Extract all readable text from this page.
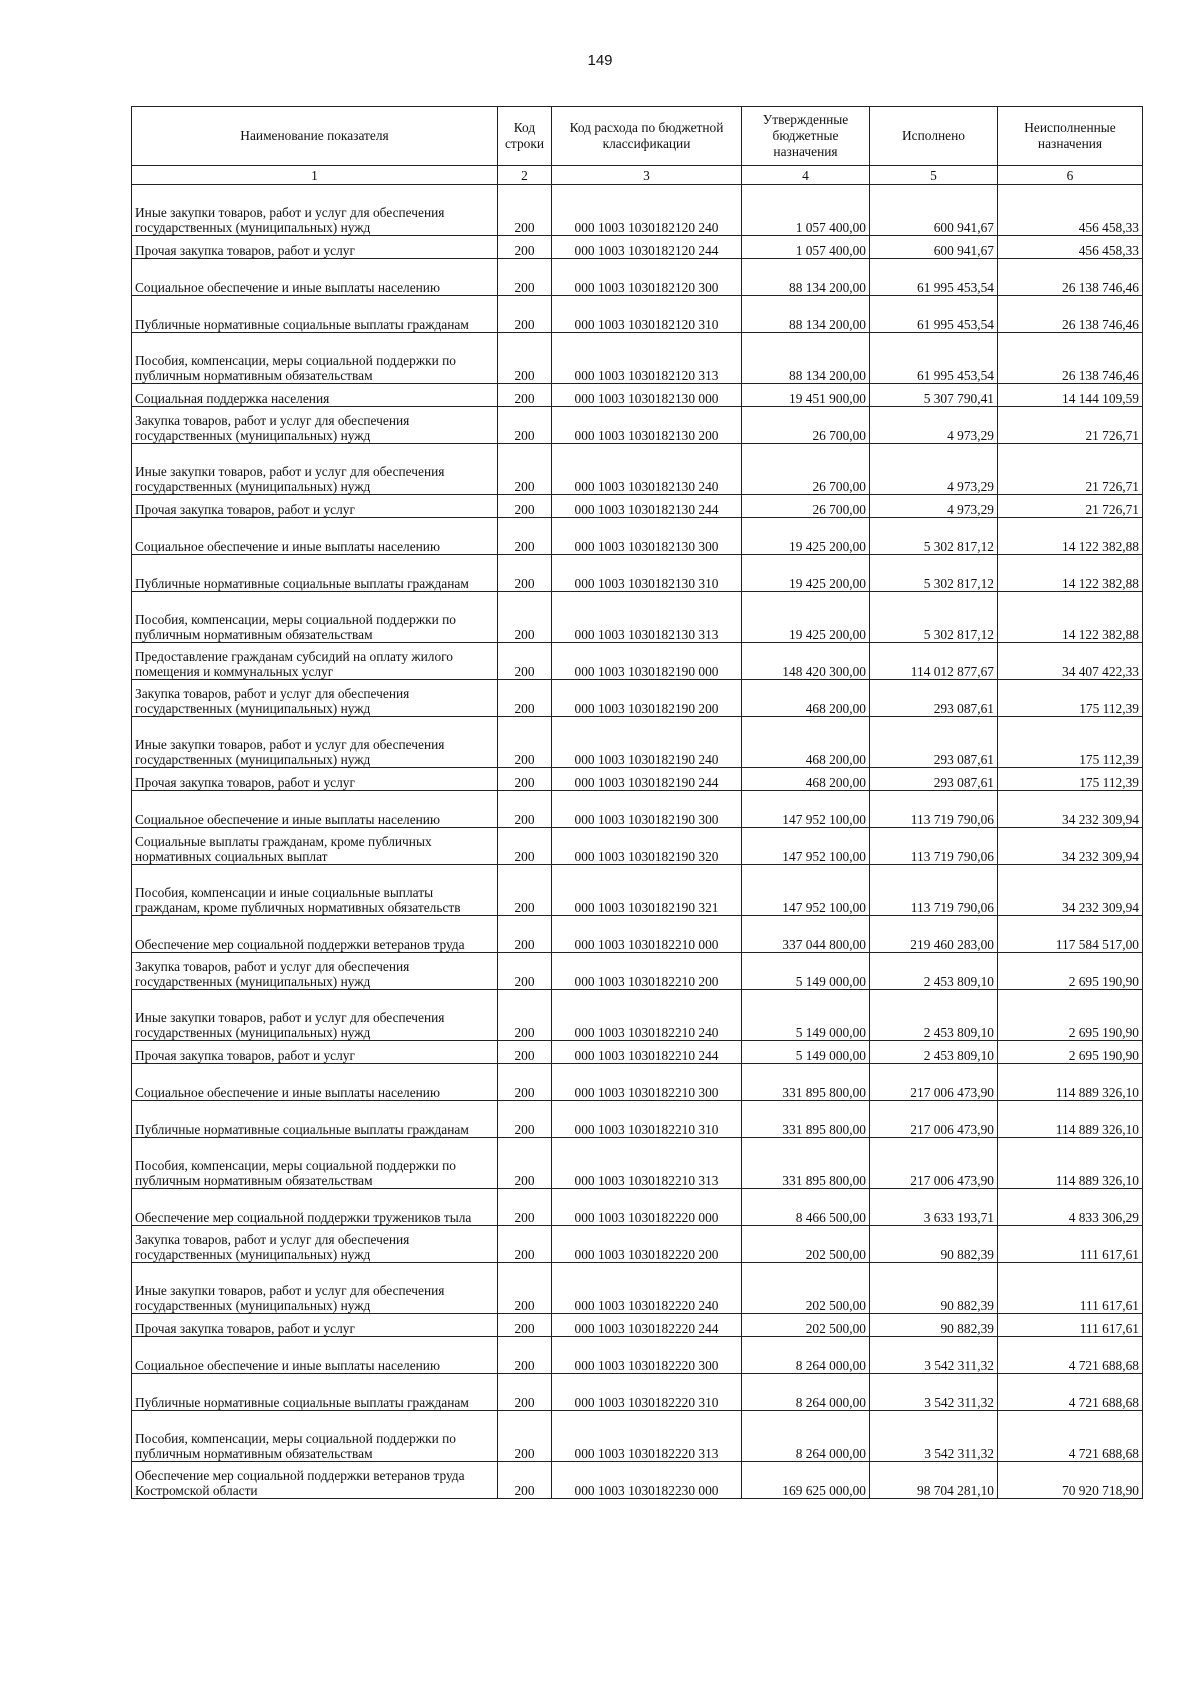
149
Наименование показателя	Код строки	Код расхода по бюджетной классификации	Утвержденные бюджетные назначения	Исполнено	Неисполненные назначения
1	2	3	4	5	6
Иные закупки товаров, работ и услуг для обеспечения государственных (муниципальных) нужд	200	000 1003 1030182120 240	1 057 400,00	600 941,67	456 458,33
Прочая закупка товаров, работ и услуг	200	000 1003 1030182120 244	1 057 400,00	600 941,67	456 458,33
Социальное обеспечение и иные выплаты населению	200	000 1003 1030182120 300	88 134 200,00	61 995 453,54	26 138 746,46
Публичные нормативные социальные выплаты гражданам	200	000 1003 1030182120 310	88 134 200,00	61 995 453,54	26 138 746,46
Пособия, компенсации, меры социальной поддержки по публичным нормативным обязательствам	200	000 1003 1030182120 313	88 134 200,00	61 995 453,54	26 138 746,46
Социальная поддержка населения	200	000 1003 1030182130 000	19 451 900,00	5 307 790,41	14 144 109,59
Закупка товаров, работ и услуг для обеспечения государственных (муниципальных) нужд	200	000 1003 1030182130 200	26 700,00	4 973,29	21 726,71
Иные закупки товаров, работ и услуг для обеспечения государственных (муниципальных) нужд	200	000 1003 1030182130 240	26 700,00	4 973,29	21 726,71
Прочая закупка товаров, работ и услуг	200	000 1003 1030182130 244	26 700,00	4 973,29	21 726,71
Социальное обеспечение и иные выплаты населению	200	000 1003 1030182130 300	19 425 200,00	5 302 817,12	14 122 382,88
Публичные нормативные социальные выплаты гражданам	200	000 1003 1030182130 310	19 425 200,00	5 302 817,12	14 122 382,88
Пособия, компенсации, меры социальной поддержки по публичным нормативным обязательствам	200	000 1003 1030182130 313	19 425 200,00	5 302 817,12	14 122 382,88
Предоставление гражданам субсидий на оплату жилого помещения и коммунальных услуг	200	000 1003 1030182190 000	148 420 300,00	114 012 877,67	34 407 422,33
Закупка товаров, работ и услуг для обеспечения государственных (муниципальных) нужд	200	000 1003 1030182190 200	468 200,00	293 087,61	175 112,39
Иные закупки товаров, работ и услуг для обеспечения государственных (муниципальных) нужд	200	000 1003 1030182190 240	468 200,00	293 087,61	175 112,39
Прочая закупка товаров, работ и услуг	200	000 1003 1030182190 244	468 200,00	293 087,61	175 112,39
Социальное обеспечение и иные выплаты населению	200	000 1003 1030182190 300	147 952 100,00	113 719 790,06	34 232 309,94
Социальные выплаты гражданам, кроме публичных нормативных социальных выплат	200	000 1003 1030182190 320	147 952 100,00	113 719 790,06	34 232 309,94
Пособия, компенсации и иные социальные выплаты гражданам, кроме публичных нормативных обязательств	200	000 1003 1030182190 321	147 952 100,00	113 719 790,06	34 232 309,94
Обеспечение мер социальной поддержки ветеранов труда	200	000 1003 1030182210 000	337 044 800,00	219 460 283,00	117 584 517,00
Закупка товаров, работ и услуг для обеспечения государственных (муниципальных) нужд	200	000 1003 1030182210 200	5 149 000,00	2 453 809,10	2 695 190,90
Иные закупки товаров, работ и услуг для обеспечения государственных (муниципальных) нужд	200	000 1003 1030182210 240	5 149 000,00	2 453 809,10	2 695 190,90
Прочая закупка товаров, работ и услуг	200	000 1003 1030182210 244	5 149 000,00	2 453 809,10	2 695 190,90
Социальное обеспечение и иные выплаты населению	200	000 1003 1030182210 300	331 895 800,00	217 006 473,90	114 889 326,10
Публичные нормативные социальные выплаты гражданам	200	000 1003 1030182210 310	331 895 800,00	217 006 473,90	114 889 326,10
Пособия, компенсации, меры социальной поддержки по публичным нормативным обязательствам	200	000 1003 1030182210 313	331 895 800,00	217 006 473,90	114 889 326,10
Обеспечение мер социальной поддержки тружеников тыла	200	000 1003 1030182220 000	8 466 500,00	3 633 193,71	4 833 306,29
Закупка товаров, работ и услуг для обеспечения государственных (муниципальных) нужд	200	000 1003 1030182220 200	202 500,00	90 882,39	111 617,61
Иные закупки товаров, работ и услуг для обеспечения государственных (муниципальных) нужд	200	000 1003 1030182220 240	202 500,00	90 882,39	111 617,61
Прочая закупка товаров, работ и услуг	200	000 1003 1030182220 244	202 500,00	90 882,39	111 617,61
Социальное обеспечение и иные выплаты населению	200	000 1003 1030182220 300	8 264 000,00	3 542 311,32	4 721 688,68
Публичные нормативные социальные выплаты гражданам	200	000 1003 1030182220 310	8 264 000,00	3 542 311,32	4 721 688,68
Пособия, компенсации, меры социальной поддержки по публичным нормативным обязательствам	200	000 1003 1030182220 313	8 264 000,00	3 542 311,32	4 721 688,68
Обеспечение мер социальной поддержки ветеранов труда Костромской области	200	000 1003 1030182230 000	169 625 000,00	98 704 281,10	70 920 718,90
